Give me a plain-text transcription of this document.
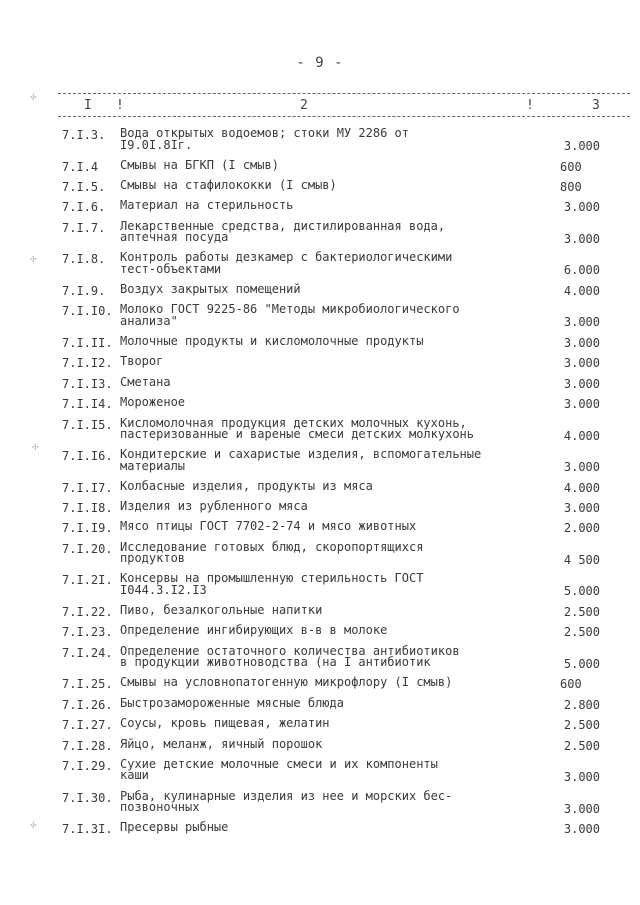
- 9 -
I !	2	!	3
7.I.3.	Вода открытых водоемов; стоки МУ 2286 от
I9.0I.8Iг.	3.000
7.I.4	Смывы на БГКП (I смыв)	600
7.I.5.	Смывы на стафилококки (I смыв)	800
7.I.6.	Материал на стерильность	3.000
7.I.7.	Лекарственные средства, дистилированная вода,
аптечная посуда	3.000
7.I.8.	Контроль работы дезкамер с бактериологическими
тест-объектами	6.000
7.I.9.	Воздух закрытых помещений	4.000
7.I.I0. Молоко ГОСТ 9225-86 "Методы микробиологического
анализа"	3.000
7.I.II. Молочные продукты и кисломолочные продукты	3.000
7.I.I2. Творог	3.000
7.I.I3. Сметана	3.000
7.I.I4. Мороженое	3.000
7.I.I5. Кисломолочная продукция детских молочных кухонь,
пастеризованные и вареные смеси детских молкухонь	4.000
7.I.I6. Кондитерские и сахаристые изделия, вспомогательные
материалы	3.000
7.I.I7. Колбасные изделия, продукты из мяса	4.000
7.I.I8. Изделия из рубленного мяса	3.000
7.I.I9. Мясо птицы ГОСТ 7702-2-74 и мясо животных	2.000
7.I.20. Исследование готовых блюд, скоропортящихся
продуктов	4 500
7.I.2I. Консервы на промышленную стерильность ГОСТ
I044.3.I2.I3	5.000
7.I.22. Пиво, безалкогольные напитки	2.500
7.I.23. Определение ингибирующих в-в в молоке	2.500
7.I.24. Определение остаточного количества антибиотиков
в продукции животноводства (на I антибиотик	5.000
7.I.25. Смывы на условнопатогенную микрофлору (I смыв)	600
7.I.26. Быстрозамороженные мясные блюда	2.800
7.I.27. Соусы, кровь пищевая, желатин	2.500
7.I.28. Яйцо, меланж, яичный порошок	2.500
7.I.29. Сухие детские молочные смеси и их компоненты
каши	3.000
7.I.30. Рыба, кулинарные изделия из нее и морских бес-
позвоночных	3.000
7.I.3I. Пресервы рыбные	3.000
✢
✢
✢
✢
